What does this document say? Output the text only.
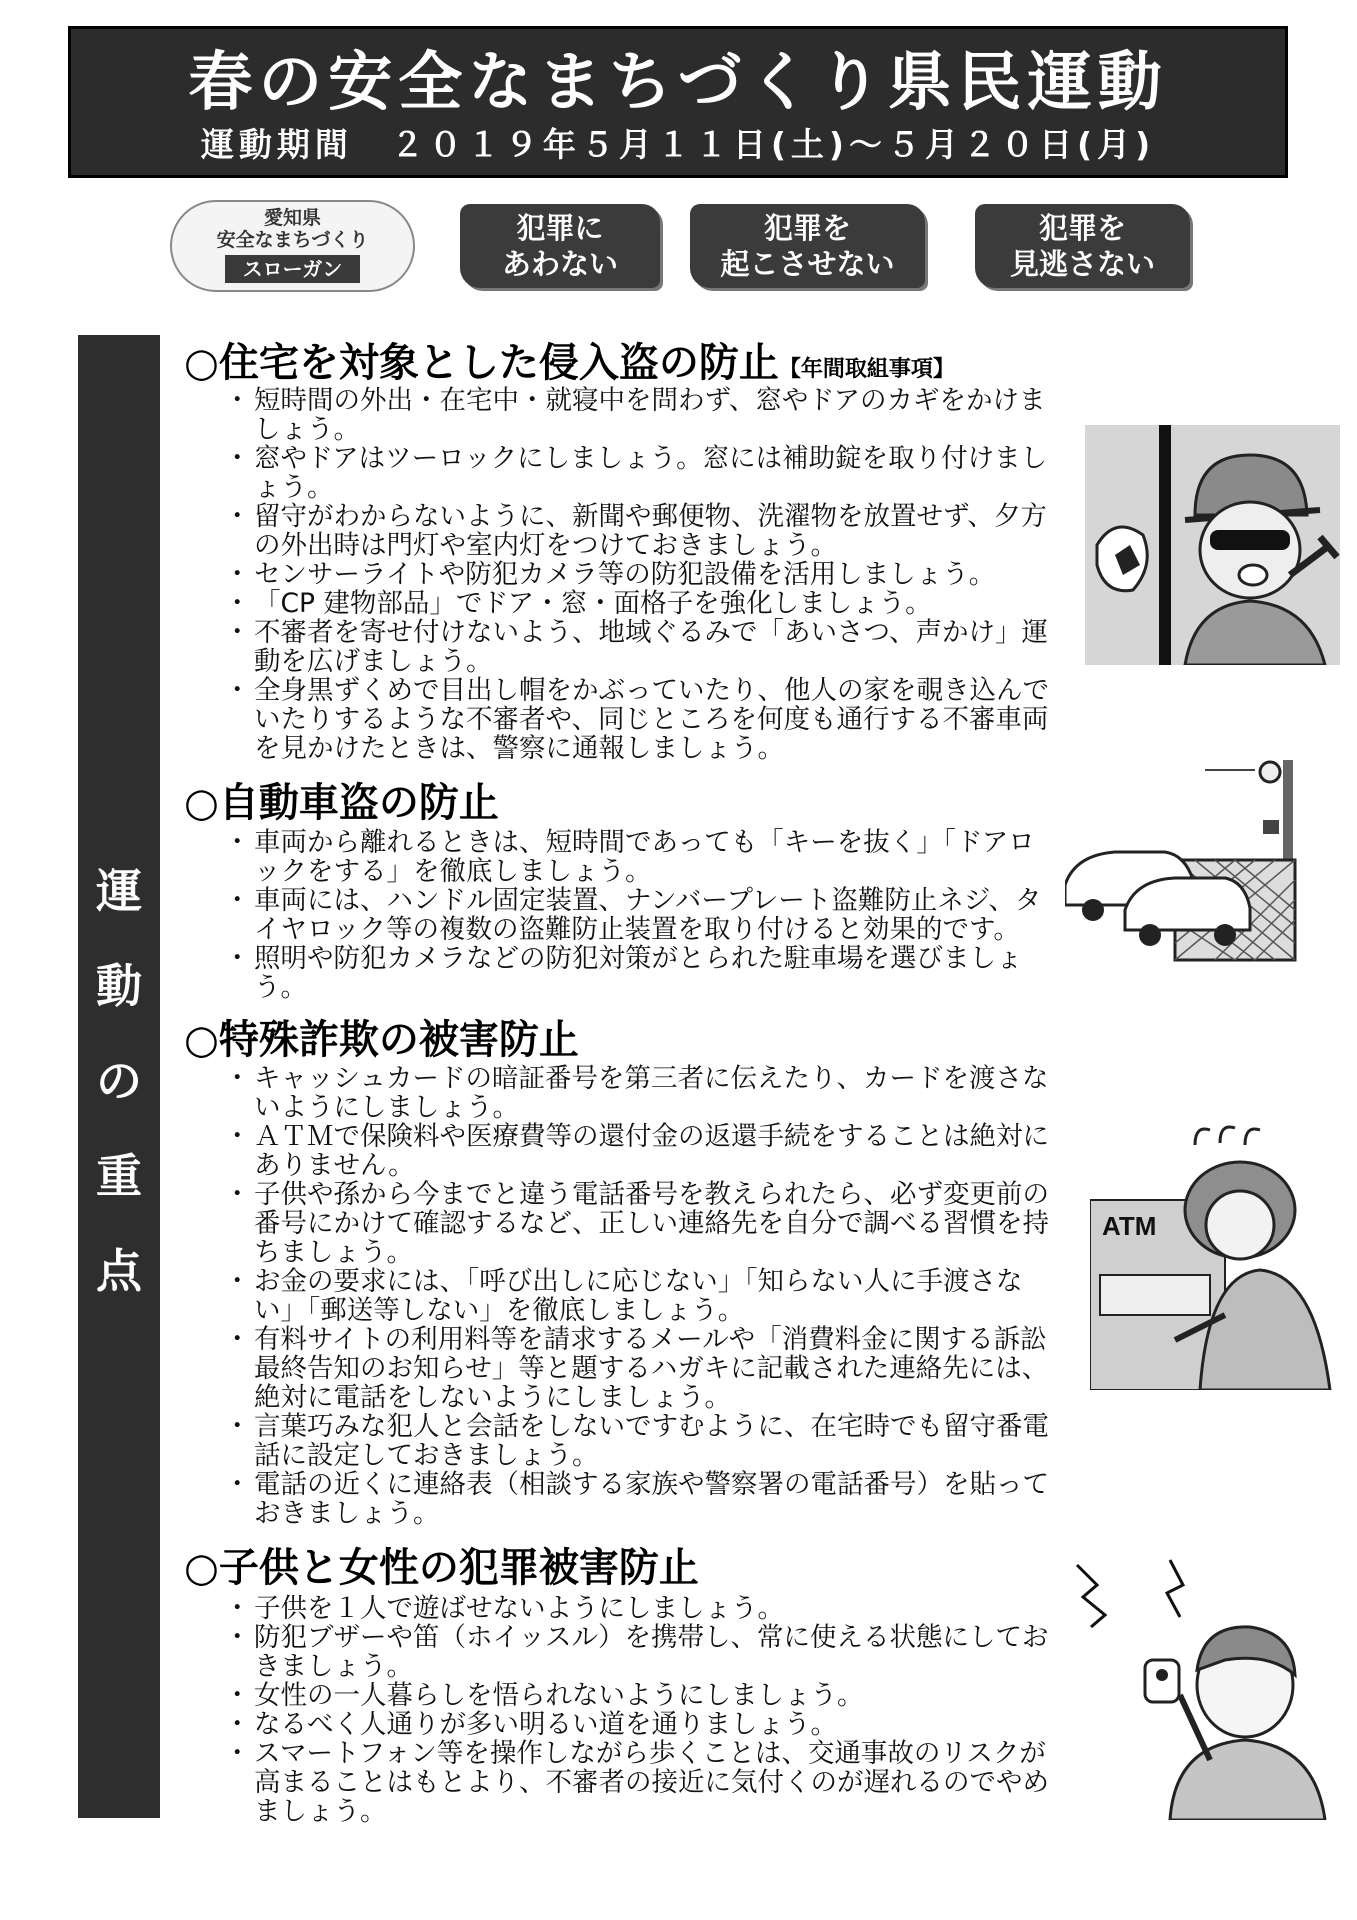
春の安全なまちづくり県民運動
運動期間　２０１９年５月１１日(土)～５月２０日(月)
愛知県
安全なまちづくり
スローガン
犯罪に
あわない
犯罪を
起こさせない
犯罪を
見逃さない
運
動
の
重
点
○住宅を対象とした侵入盗の防止【年間取組事項】
・ 短時間の外出・在宅中・就寝中を問わず、窓やドアのカギをかけましょう。
・ 窓やドアはツーロックにしましょう。窓には補助錠を取り付けましょう。
・ 留守がわからないように、新聞や郵便物、洗濯物を放置せず、夕方の外出時は門灯や室内灯をつけておきましょう。
・ センサーライトや防犯カメラ等の防犯設備を活用しましょう。
・ 「CP 建物部品」でドア・窓・面格子を強化しましょう。
・ 不審者を寄せ付けないよう、地域ぐるみで「あいさつ、声かけ」運動を広げましょう。
・ 全身黒ずくめで目出し帽をかぶっていたり、他人の家を覗き込んでいたりするような不審者や、同じところを何度も通行する不審車両を見かけたときは、警察に通報しましょう。
○自動車盗の防止
・ 車両から離れるときは、短時間であっても「キーを抜く」「ドアロックをする」を徹底しましょう。
・ 車両には、ハンドル固定装置、ナンバープレート盗難防止ネジ、タイヤロック等の複数の盗難防止装置を取り付けると効果的です。
・ 照明や防犯カメラなどの防犯対策がとられた駐車場を選びましょう。
○特殊詐欺の被害防止
・ キャッシュカードの暗証番号を第三者に伝えたり、カードを渡さないようにしましょう。
・ ＡＴＭで保険料や医療費等の還付金の返還手続をすることは絶対にありません。
・ 子供や孫から今までと違う電話番号を教えられたら、必ず変更前の番号にかけて確認するなど、正しい連絡先を自分で調べる習慣を持ちましょう。
・ お金の要求には、「呼び出しに応じない」「知らない人に手渡さない」「郵送等しない」を徹底しましょう。
・ 有料サイトの利用料等を請求するメールや「消費料金に関する訴訟最終告知のお知らせ」等と題するハガキに記載された連絡先には、絶対に電話をしないようにしましょう。
・ 言葉巧みな犯人と会話をしないですむように、在宅時でも留守番電話に設定しておきましょう。
・ 電話の近くに連絡表（相談する家族や警察署の電話番号）を貼っておきましょう。
○子供と女性の犯罪被害防止
・ 子供を１人で遊ばせないようにしましょう。
・ 防犯ブザーや笛（ホイッスル）を携帯し、常に使える状態にしておきましょう。
・ 女性の一人暮らしを悟られないようにしましょう。
・ なるべく人通りが多い明るい道を通りましょう。
・ スマートフォン等を操作しながら歩くことは、交通事故のリスクが高まることはもとより、不審者の接近に気付くのが遅れるのでやめましょう。
ATM
